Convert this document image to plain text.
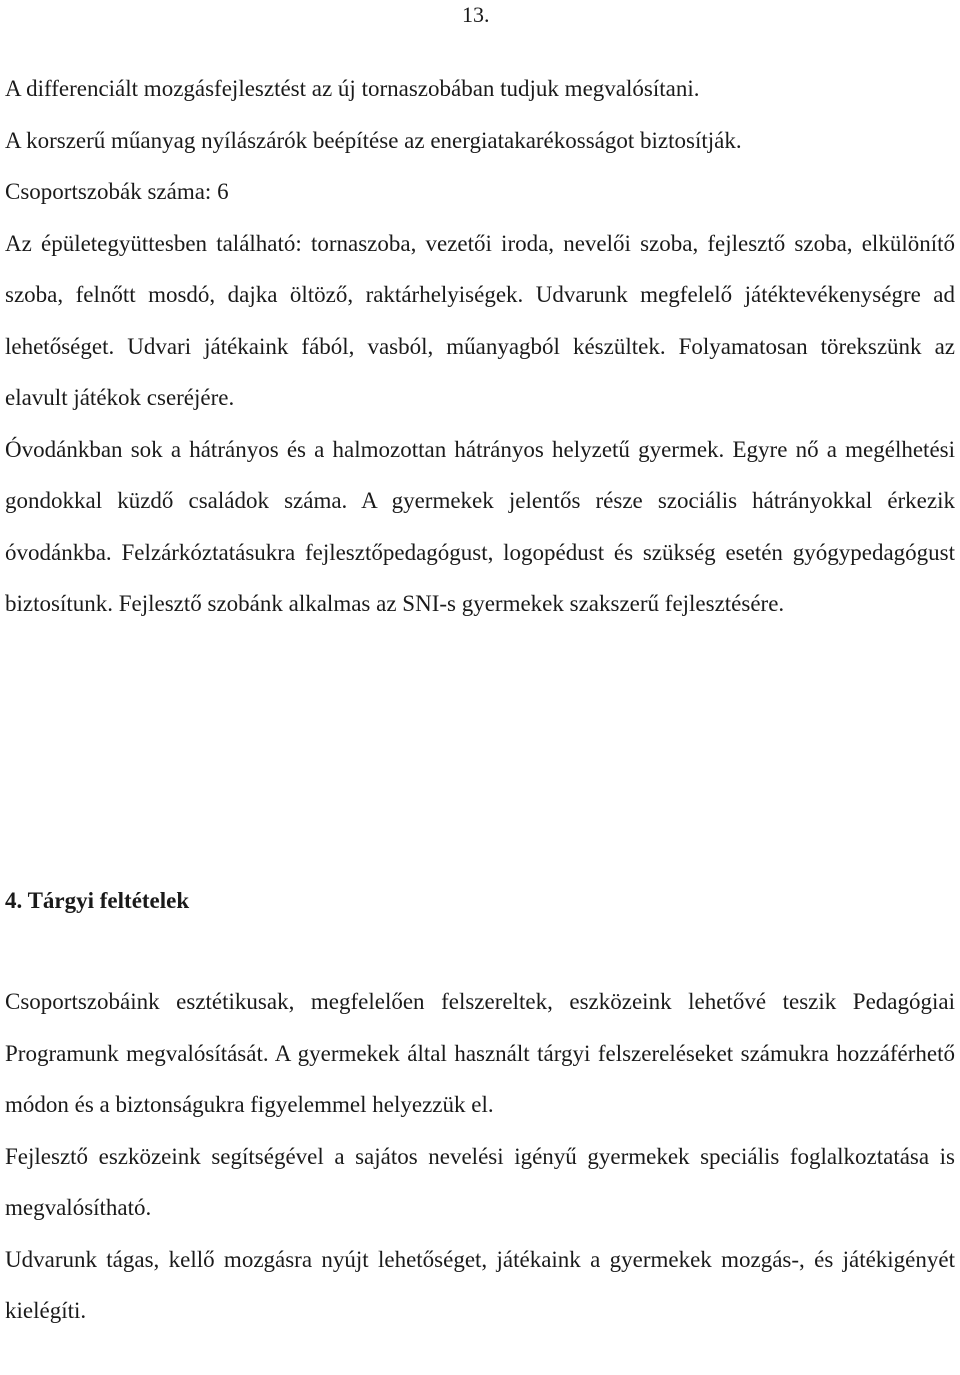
13.

A differenciált mozgásfejlesztést az új tornaszobában tudjuk megvalósítani.

A korszerű műanyag nyílászárók beépítése az energiatakarékosságot biztosítják.

Csoportszobák száma: 6

Az épületegyüttesben található: tornaszoba, vezetői iroda, nevelői szoba, fejlesztő szoba, elkülönítő szoba, felnőtt mosdó, dajka öltöző, raktárhelyiségek. Udvarunk megfelelő játéktevékenységre ad lehetőséget. Udvari játékaink fából, vasból, műanyagból készültek. Folyamatosan törekszünk az elavult játékok cseréjére.

Óvodánkban sok a hátrányos és a halmozottan hátrányos helyzetű gyermek. Egyre nő a megélhetési gondokkal küzdő családok száma. A gyermekek jelentős része szociális hátrányokkal érkezik óvodánkba. Felzárkóztatásukra fejlesztőpedagógust, logopédust és szükség esetén gyógypedagógust biztosítunk. Fejlesztő szobánk alkalmas az SNI-s gyermekek szakszerű fejlesztésére.

4. Tárgyi feltételek

Csoportszobáink esztétikusak, megfelelően felszereltek, eszközeink lehetővé teszik Pedagógiai Programunk megvalósítását. A gyermekek által használt tárgyi felszereléseket számukra hozzáférhető módon és a biztonságukra figyelemmel helyezzük el.

Fejlesztő eszközeink segítségével a sajátos nevelési igényű gyermekek speciális foglalkoztatása is megvalósítható.

Udvarunk tágas, kellő mozgásra nyújt lehetőséget, játékaink a gyermekek mozgás-, és játékigényét kielégíti.
